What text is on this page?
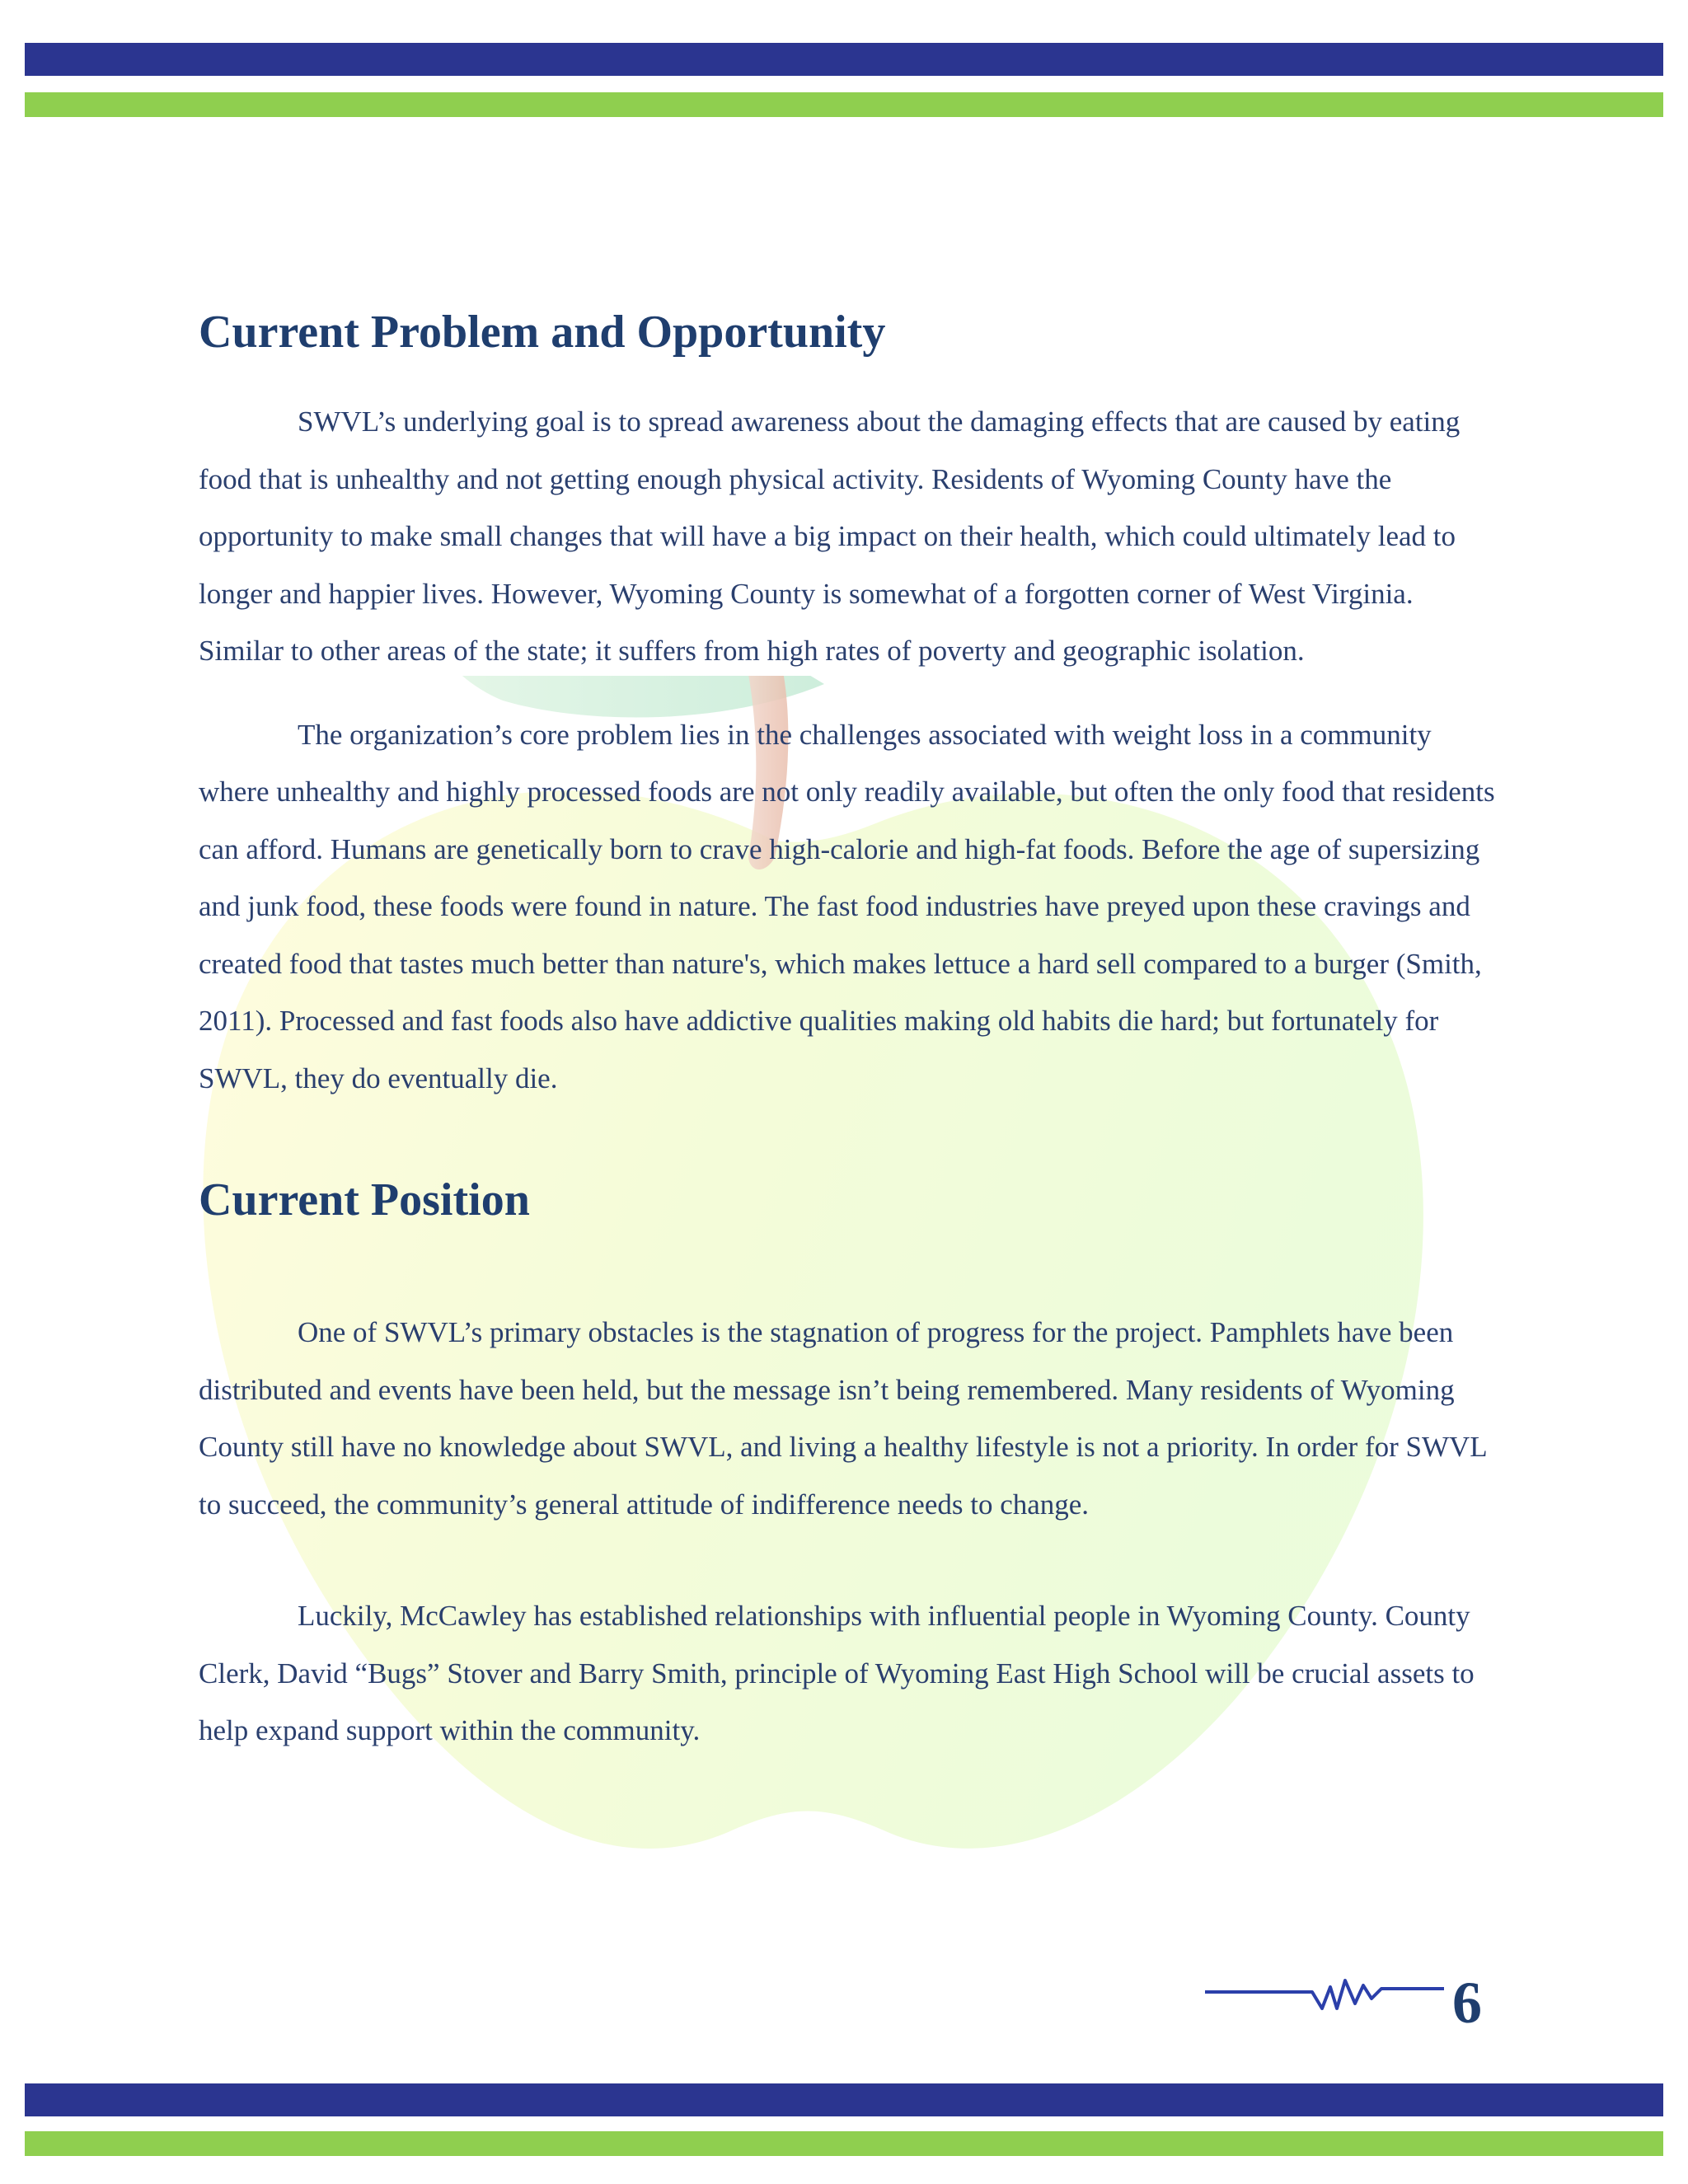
Current Problem and Opportunity

SWVL’s underlying goal is to spread awareness about the damaging effects that are caused by eating food that is unhealthy and not getting enough physical activity. Residents of Wyoming County have the opportunity to make small changes that will have a big impact on their health, which could ultimately lead to longer and happier lives. However, Wyoming County is somewhat of a forgotten corner of West Virginia. Similar to other areas of the state; it suffers from high rates of poverty and geographic isolation.

The organization’s core problem lies in the challenges associated with weight loss in a community where unhealthy and highly processed foods are not only readily available, but often the only food that residents can afford. Humans are genetically born to crave high-calorie and high-fat foods. Before the age of supersizing and junk food, these foods were found in nature. The fast food industries have preyed upon these cravings and created food that tastes much better than nature's, which makes lettuce a hard sell compared to a burger (Smith, 2011). Processed and fast foods also have addictive qualities making old habits die hard; but fortunately for SWVL, they do eventually die.

Current Position

One of SWVL’s primary obstacles is the stagnation of progress for the project. Pamphlets have been distributed and events have been held, but the message isn’t being remembered. Many residents of Wyoming County still have no knowledge about SWVL, and living a healthy lifestyle is not a priority. In order for SWVL to succeed, the community’s general attitude of indifference needs to change.

Luckily, McCawley has established relationships with influential people in Wyoming County. County Clerk, David “Bugs” Stover and Barry Smith, principle of Wyoming East High School will be crucial assets to help expand support within the community.

6
